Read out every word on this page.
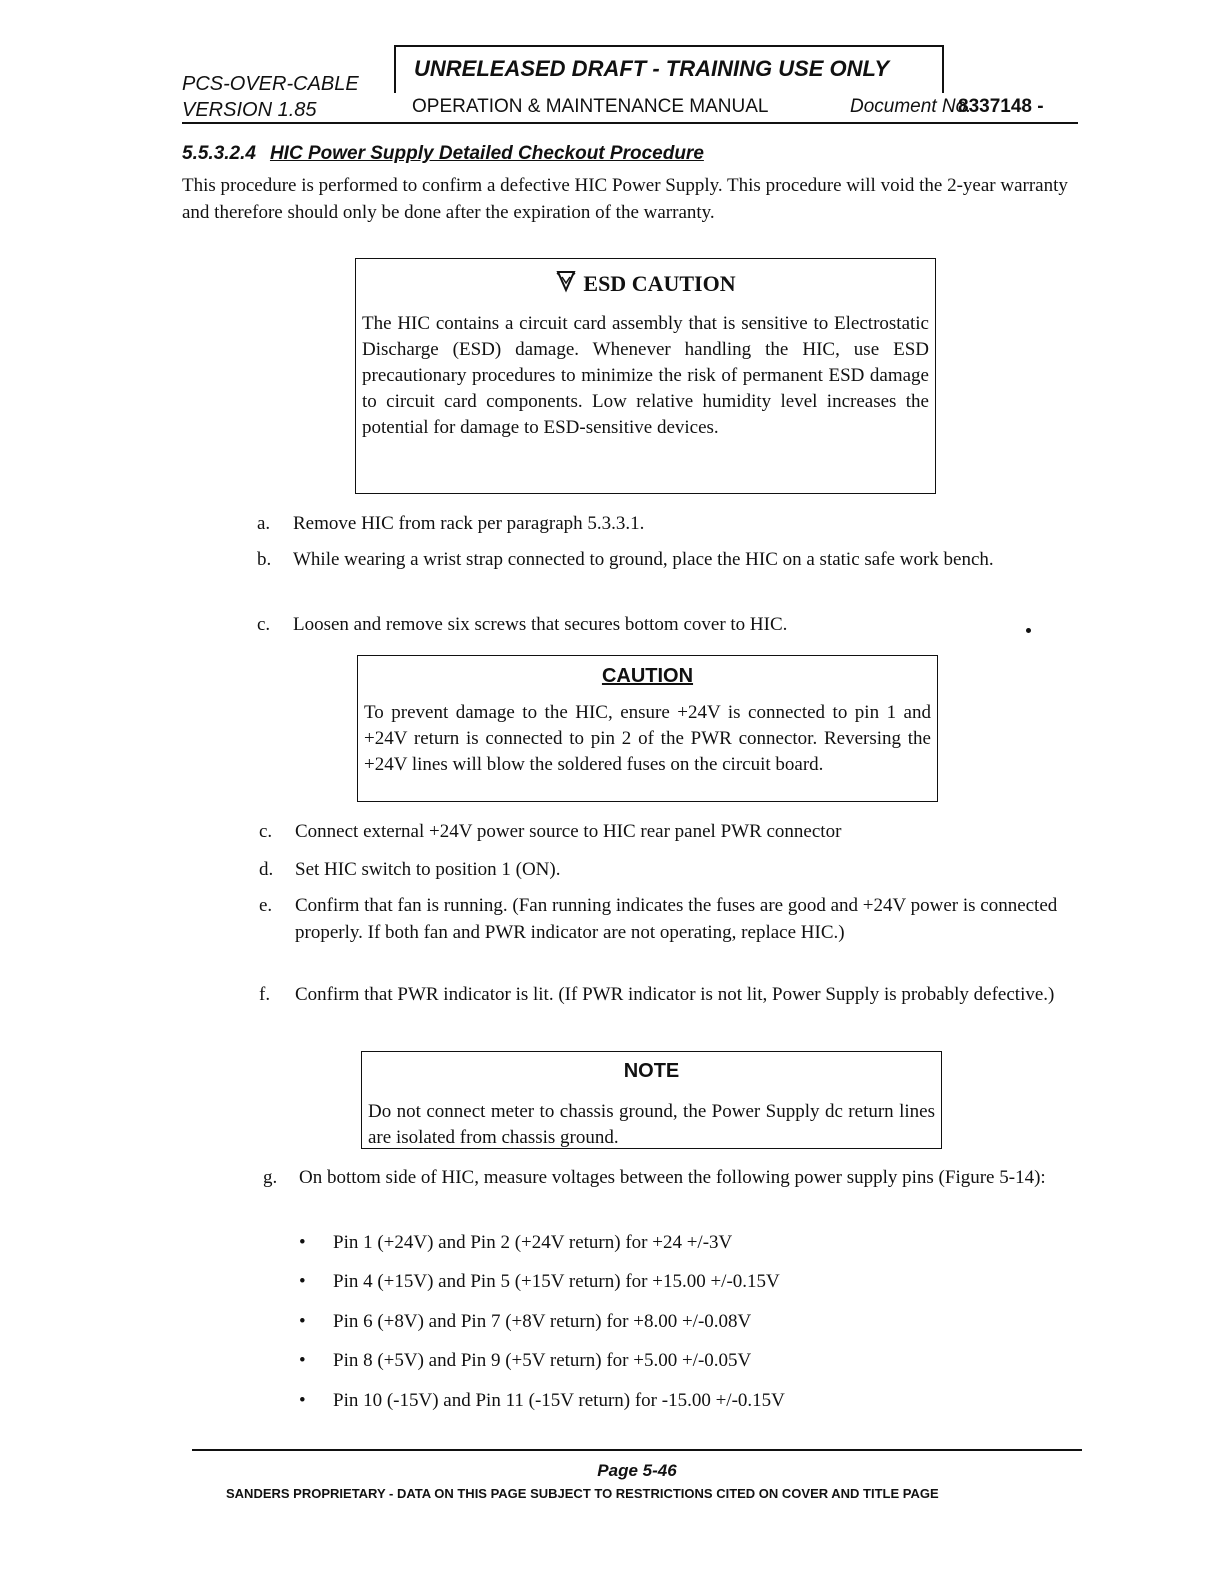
PCS-OVER-CABLE
VERSION 1.85
UNRELEASED DRAFT - TRAINING USE ONLY
OPERATION & MAINTENANCE MANUAL	Document No.
8337148 -
5.5.3.2.4 HIC Power Supply Detailed Checkout Procedure
This procedure is performed to confirm a defective HIC Power Supply. This procedure will void the 2-year warranty and therefore should only be done after the expiration of the warranty.
ESD CAUTION
The HIC contains a circuit card assembly that is sensitive to Electrostatic Discharge (ESD) damage. Whenever handling the HIC, use ESD precautionary procedures to minimize the risk of permanent ESD damage to circuit card components. Low relative humidity level increases the potential for damage to ESD-sensitive devices.
a. Remove HIC from rack per paragraph 5.3.3.1.
b. While wearing a wrist strap connected to ground, place the HIC on a static safe work bench.
c. Loosen and remove six screws that secures bottom cover to HIC.
CAUTION
To prevent damage to the HIC, ensure +24V is connected to pin 1 and +24V return is connected to pin 2 of the PWR connector. Reversing the +24V lines will blow the soldered fuses on the circuit board.
c. Connect external +24V power source to HIC rear panel PWR connector
d. Set HIC switch to position 1 (ON).
e. Confirm that fan is running. (Fan running indicates the fuses are good and +24V power is connected properly. If both fan and PWR indicator are not operating, replace HIC.)
f. Confirm that PWR indicator is lit. (If PWR indicator is not lit, Power Supply is probably defective.)
NOTE
Do not connect meter to chassis ground, the Power Supply dc return lines are isolated from chassis ground.
g. On bottom side of HIC, measure voltages between the following power supply pins (Figure 5-14):
• Pin 1 (+24V) and Pin 2 (+24V return) for +24 +/-3V
• Pin 4 (+15V) and Pin 5 (+15V return) for +15.00 +/-0.15V
• Pin 6 (+8V) and Pin 7 (+8V return) for +8.00 +/-0.08V
• Pin 8 (+5V) and Pin 9 (+5V return) for +5.00 +/-0.05V
• Pin 10 (-15V) and Pin 11 (-15V return) for -15.00 +/-0.15V
Page 5-46
SANDERS PROPRIETARY - DATA ON THIS PAGE SUBJECT TO RESTRICTIONS CITED ON COVER AND TITLE PAGE
